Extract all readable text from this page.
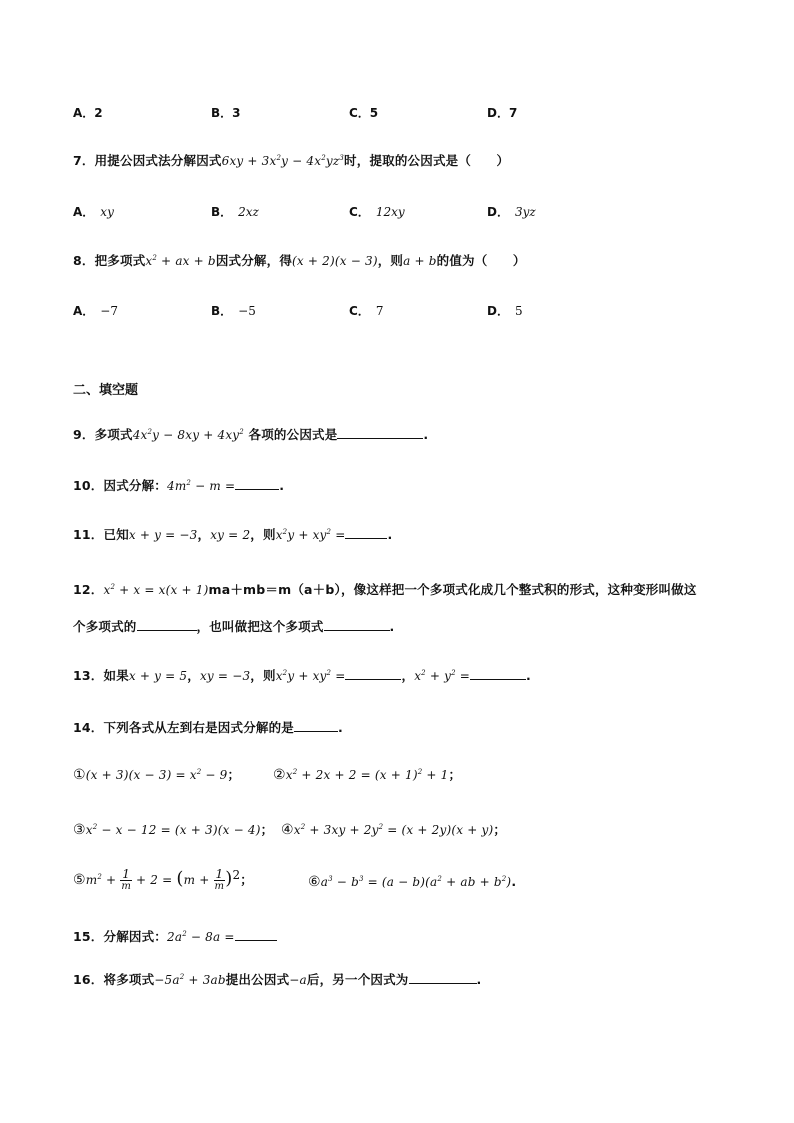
A．2	B．3	C．5	D．7
7．用提公因式法分解因式$6xy + 3x^2y - 4x^2yz^3$时，提取的公因式是（　　）
A． xy	B． 2xz	C． 12xy	D． 3yz
8．把多项式$x^2$ + ax + b因式分解，得(x + 2)(x − 3)，则a + b的值为（　　）
A． −7	B． −5	C． 7	D． 5
二、填空题
9．多项式$4x^2y - 8xy + 4xy^2$ 各项的公因式是	.
10．因式分解：$4m^2 - m$ =	.
11．已知x + y = −3，xy = 2，则$x^2y + xy^2$ =	.
12．$x^2 + x = x(x + 1)ma+mb=m(a+b)$，像这样把一个多项式化成几个整式积的形式，这种变形叫做这
个多项式的	，也叫做把这个多项式	.
13．如果x + y = 5，xy = −3，则$x^2y + xy^2$ =	，$x^2 + y^2$ =	.
14．下列各式从左到右是因式分解的是	.
①(x + $3)(x - 3) = x^2 - 9$； $②x^2 + 2x + 2 = (x + 1)^2 + 1$；
$③x^2 - x - 12 = (x + 3)(x - 4)$； $④x^2 + 3xy + 2y^2 = (x + 2y)(x + y)$；
$⑤m^2 + \frac{1}{m} + 2 = (m + \frac{1}{m} )^2$；	$⑥a^3 - b^3 = (a - b)(a^2$ + ab + $b^2$).
15．分解因式：$2a^2 - 8a$ =
16．将多项式$-5a^2 + 3ab$提出公因式−a后，另一个因式为	.
